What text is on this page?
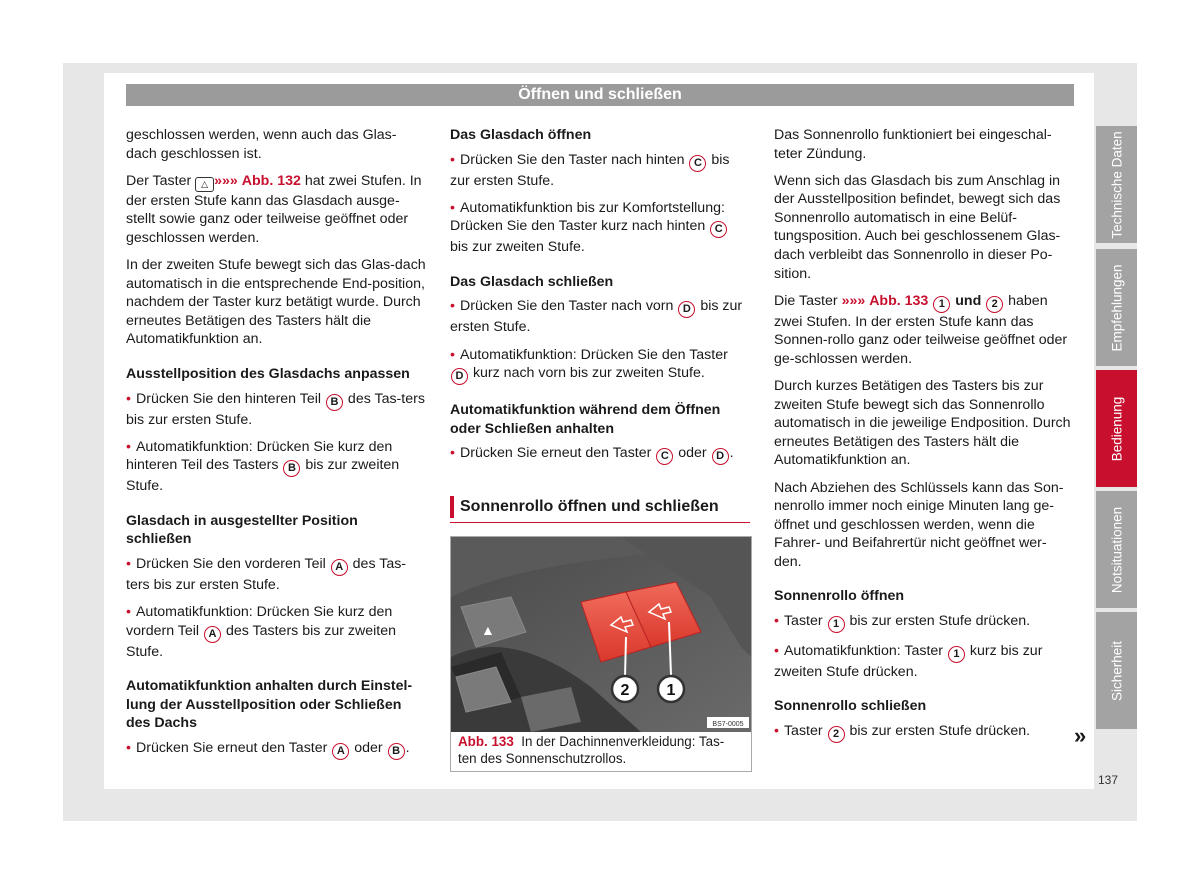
Öffnen und schließen

geschlossen werden, wenn auch das Glas-dach geschlossen ist.

Der Taster △ »»» Abb. 132 hat zwei Stufen. In der ersten Stufe kann das Glasdach ausge-stellt sowie ganz oder teilweise geöffnet oder geschlossen werden.

In der zweiten Stufe bewegt sich das Glas-dach automatisch in die entsprechende End-position, nachdem der Taster kurz betätigt wurde. Durch erneutes Betätigen des Tasters hält die Automatikfunktion an.

Ausstellposition des Glasdachs anpassen

• Drücken Sie den hinteren Teil B des Tas-ters bis zur ersten Stufe.

• Automatikfunktion: Drücken Sie kurz den hinteren Teil des Tasters B bis zur zweiten Stufe.

Glasdach in ausgestellter Position schließen

• Drücken Sie den vorderen Teil A des Tas-ters bis zur ersten Stufe.

• Automatikfunktion: Drücken Sie kurz den vordern Teil A des Tasters bis zur zweiten Stufe.

Automatikfunktion anhalten durch Einstel-lung der Ausstellposition oder Schließen des Dachs

• Drücken Sie erneut den Taster A oder B .

Das Glasdach öffnen

• Drücken Sie den Taster nach hinten C bis zur ersten Stufe.

• Automatikfunktion bis zur Komfortstellung: Drücken Sie den Taster kurz nach hinten C bis zur zweiten Stufe.

Das Glasdach schließen

• Drücken Sie den Taster nach vorn D bis zur ersten Stufe.

• Automatikfunktion: Drücken Sie den Taster D kurz nach vorn bis zur zweiten Stufe.

Automatikfunktion während dem Öffnen oder Schließen anhalten

• Drücken Sie erneut den Taster C oder D .

Sonnenrollo öffnen und schließen
▲
2 1
BS7-0005
Abb. 133 In der Dachinnenverkleidung: Tas-ten des Sonnenschutzrollos.

Das Sonnenrollo funktioniert bei eingeschal-teter Zündung.

Wenn sich das Glasdach bis zum Anschlag in der Ausstellposition befindet, bewegt sich das Sonnenrollo automatisch in eine Belüf-tungsposition. Auch bei geschlossenem Glas-dach verbleibt das Sonnenrollo in dieser Po-sition.

Die Taster »»» Abb. 133 1 und 2 haben zwei Stufen. In der ersten Stufe kann das Sonnen-rollo ganz oder teilweise geöffnet oder ge-schlossen werden.

Durch kurzes Betätigen des Tasters bis zur zweiten Stufe bewegt sich das Sonnenrollo automatisch in die jeweilige Endposition. Durch erneutes Betätigen des Tasters hält die Automatikfunktion an.

Nach Abziehen des Schlüssels kann das Son-nenrollo immer noch einige Minuten lang ge-öffnet und geschlossen werden, wenn die Fahrer- und Beifahrertür nicht geöffnet wer-den.

Sonnenrollo öffnen

• Taster 1 bis zur ersten Stufe drücken.

• Automatikfunktion: Taster 1 kurz bis zur zweiten Stufe drücken.

Sonnenrollo schließen

• Taster 2 bis zur ersten Stufe drücken.	»
Technische Daten
Empfehlungen
Bedienung
Notsituationen
Sicherheit
137
